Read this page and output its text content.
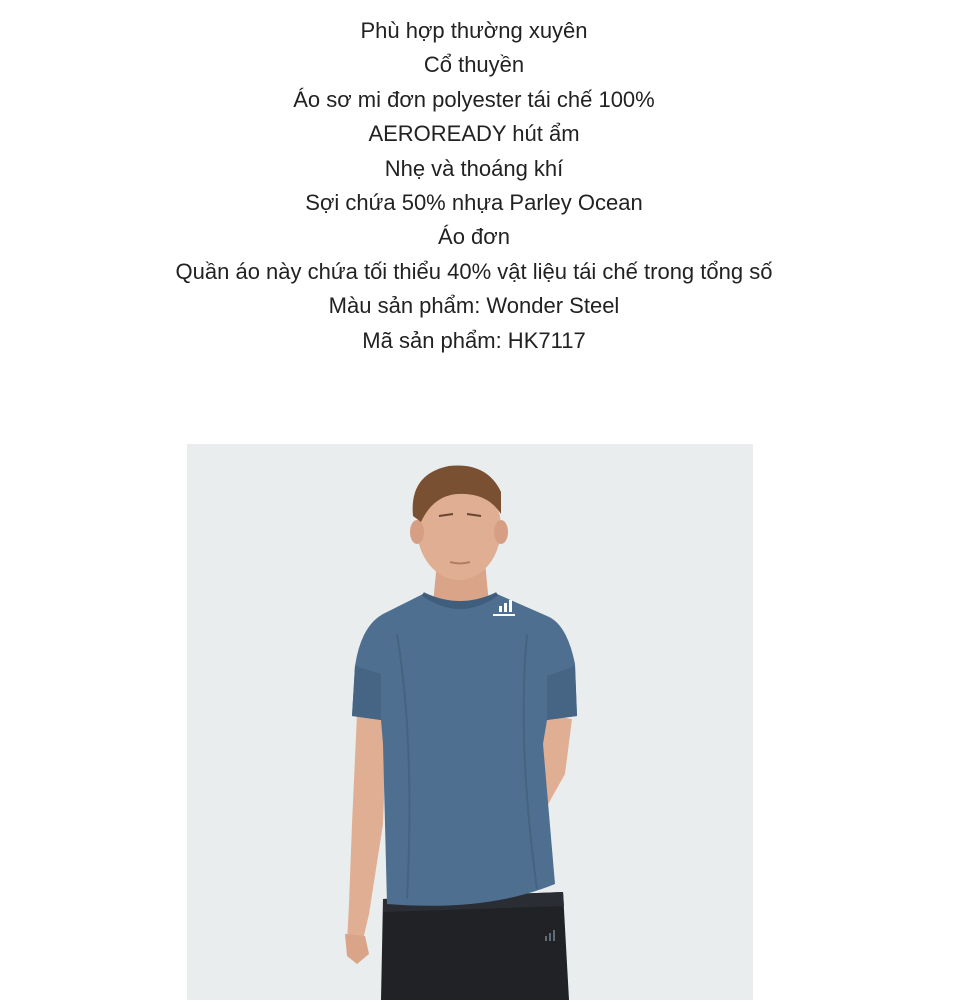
Phù hợp thường xuyên

Cổ thuyền

Áo sơ mi đơn polyester tái chế 100%

AEROREADY hút ẩm

Nhẹ và thoáng khí

Sợi chứa 50% nhựa Parley Ocean

Áo đơn

Quần áo này chứa tối thiểu 40% vật liệu tái chế trong tổng số

Màu sản phẩm: Wonder Steel

Mã sản phẩm: HK7117
